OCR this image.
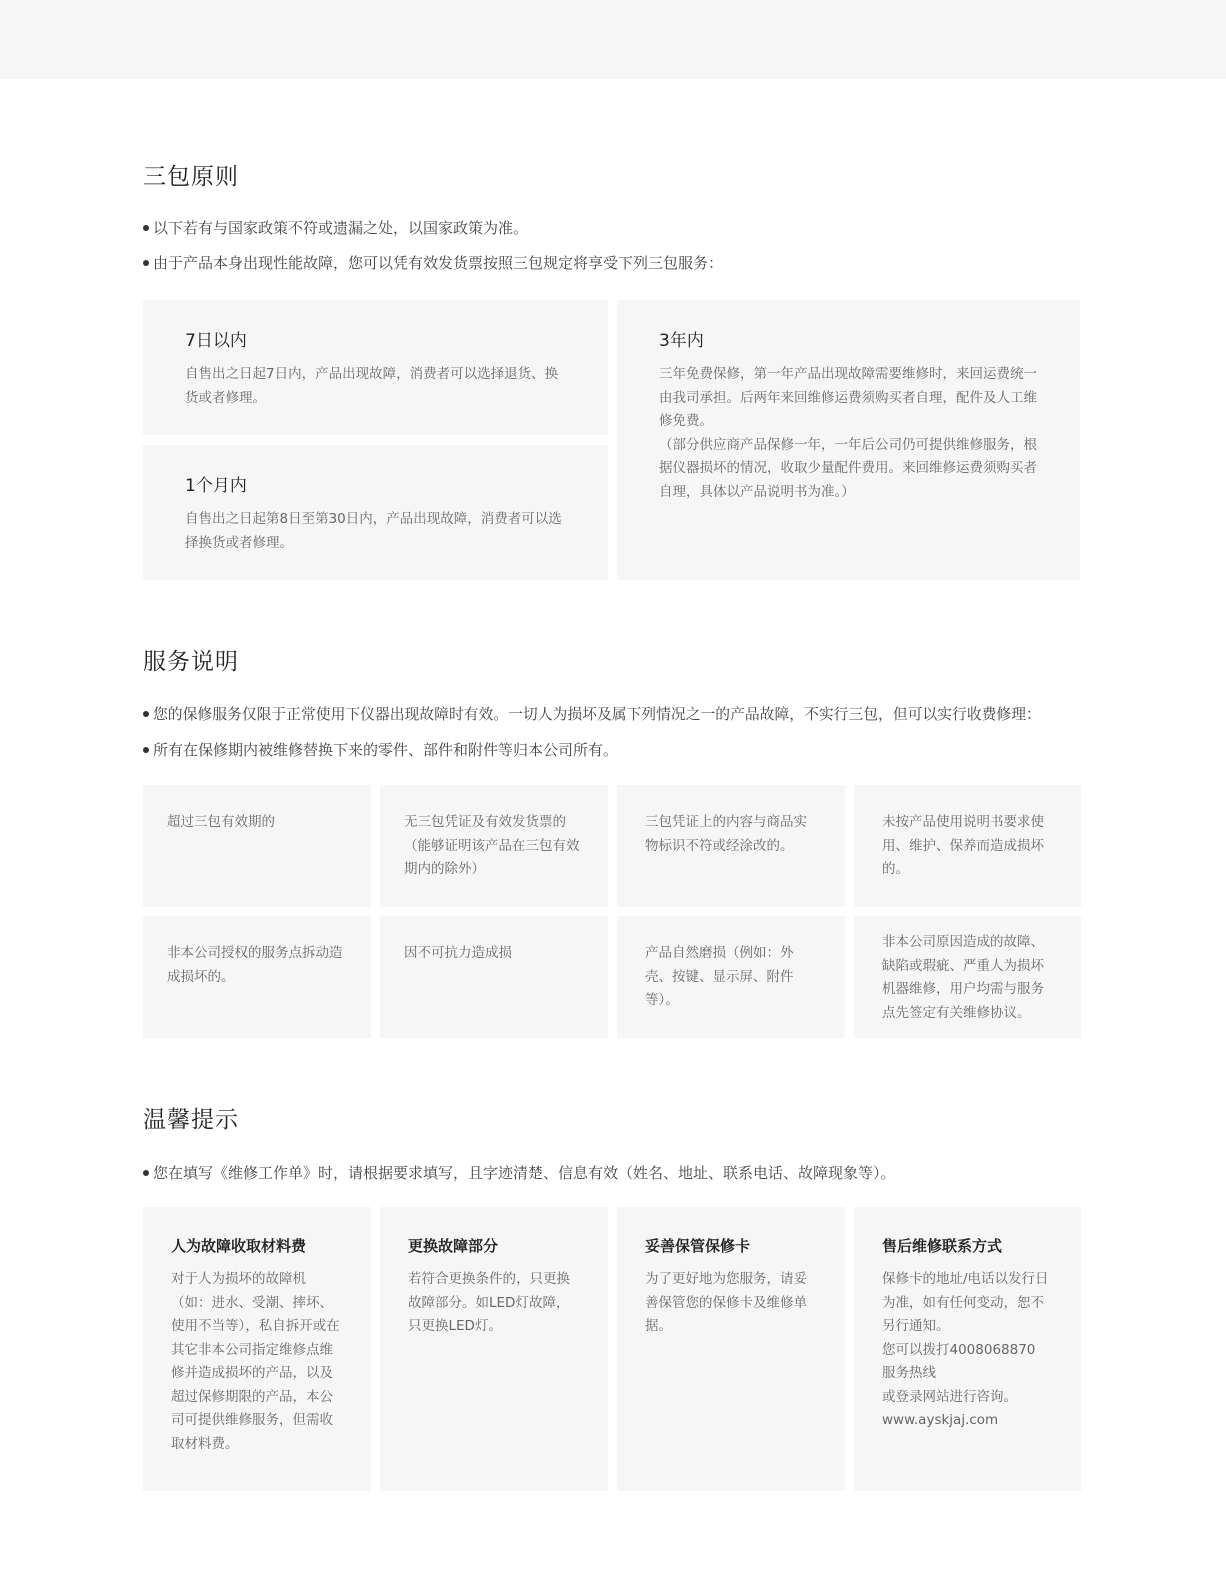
三包原则
以下若有与国家政策不符或遗漏之处，以国家政策为准。
由于产品本身出现性能故障，您可以凭有效发货票按照三包规定将享受下列三包服务：

7日以内

自售出之日起7日内，产品出现故障，消费者可以选择退货、换货或者修理。

1个月内

自售出之日起第8日至第30日内，产品出现故障，消费者可以选择换货或者修理。

3年内

三年免费保修，第一年产品出现故障需要维修时，来回运费统一由我司承担。后两年来回维修运费须购买者自理，配件及人工维修免费。

（部分供应商产品保修一年，一年后公司仍可提供维修服务，根据仪器损坏的情况，收取少量配件费用。来回维修运费须购买者自理，具体以产品说明书为准。）

服务说明
您的保修服务仅限于正常使用下仪器出现故障时有效。一切人为损坏及属下列情况之一的产品故障，不实行三包，但可以实行收费修理：
所有在保修期内被维修替换下来的零件、部件和附件等归本公司所有。

超过三包有效期的	无三包凭证及有效发货票的（能够证明该产品在三包有效期内的除外）

三包凭证上的内容与商品实物标识不符或经涂改的。

未按产品使用说明书要求使用、维护、保养而造成损坏的。

非本公司授权的服务点拆动造成损坏的。

因不可抗力造成损	产品自然磨损（例如：外壳、按键、显示屏、附件等）。

非本公司原因造成的故障、缺陷或瑕疵、严重人为损坏机器维修，用户均需与服务点先签定有关维修协议。

温馨提示
您在填写《维修工作单》时，请根据要求填写，且字迹清楚、信息有效（姓名、地址、联系电话、故障现象等）。

人为故障收取材料费

对于人为损坏的故障机（如：进水、受潮、摔坏、使用不当等），私自拆开或在其它非本公司指定维修点维修并造成损坏的产品，以及超过保修期限的产品，本公司可提供维修服务，但需收取材料费。

更换故障部分

若符合更换条件的，只更换故障部分。如LED灯故障，只更换LED灯。

妥善保管保修卡

为了更好地为您服务，请妥善保管您的保修卡及维修单据。

售后维修联系方式

保修卡的地址/电话以发行日为准，如有任何变动，恕不另行通知。

您可以拨打4008068870

服务热线

或登录网站进行咨询。

www.ayskjaj.com
